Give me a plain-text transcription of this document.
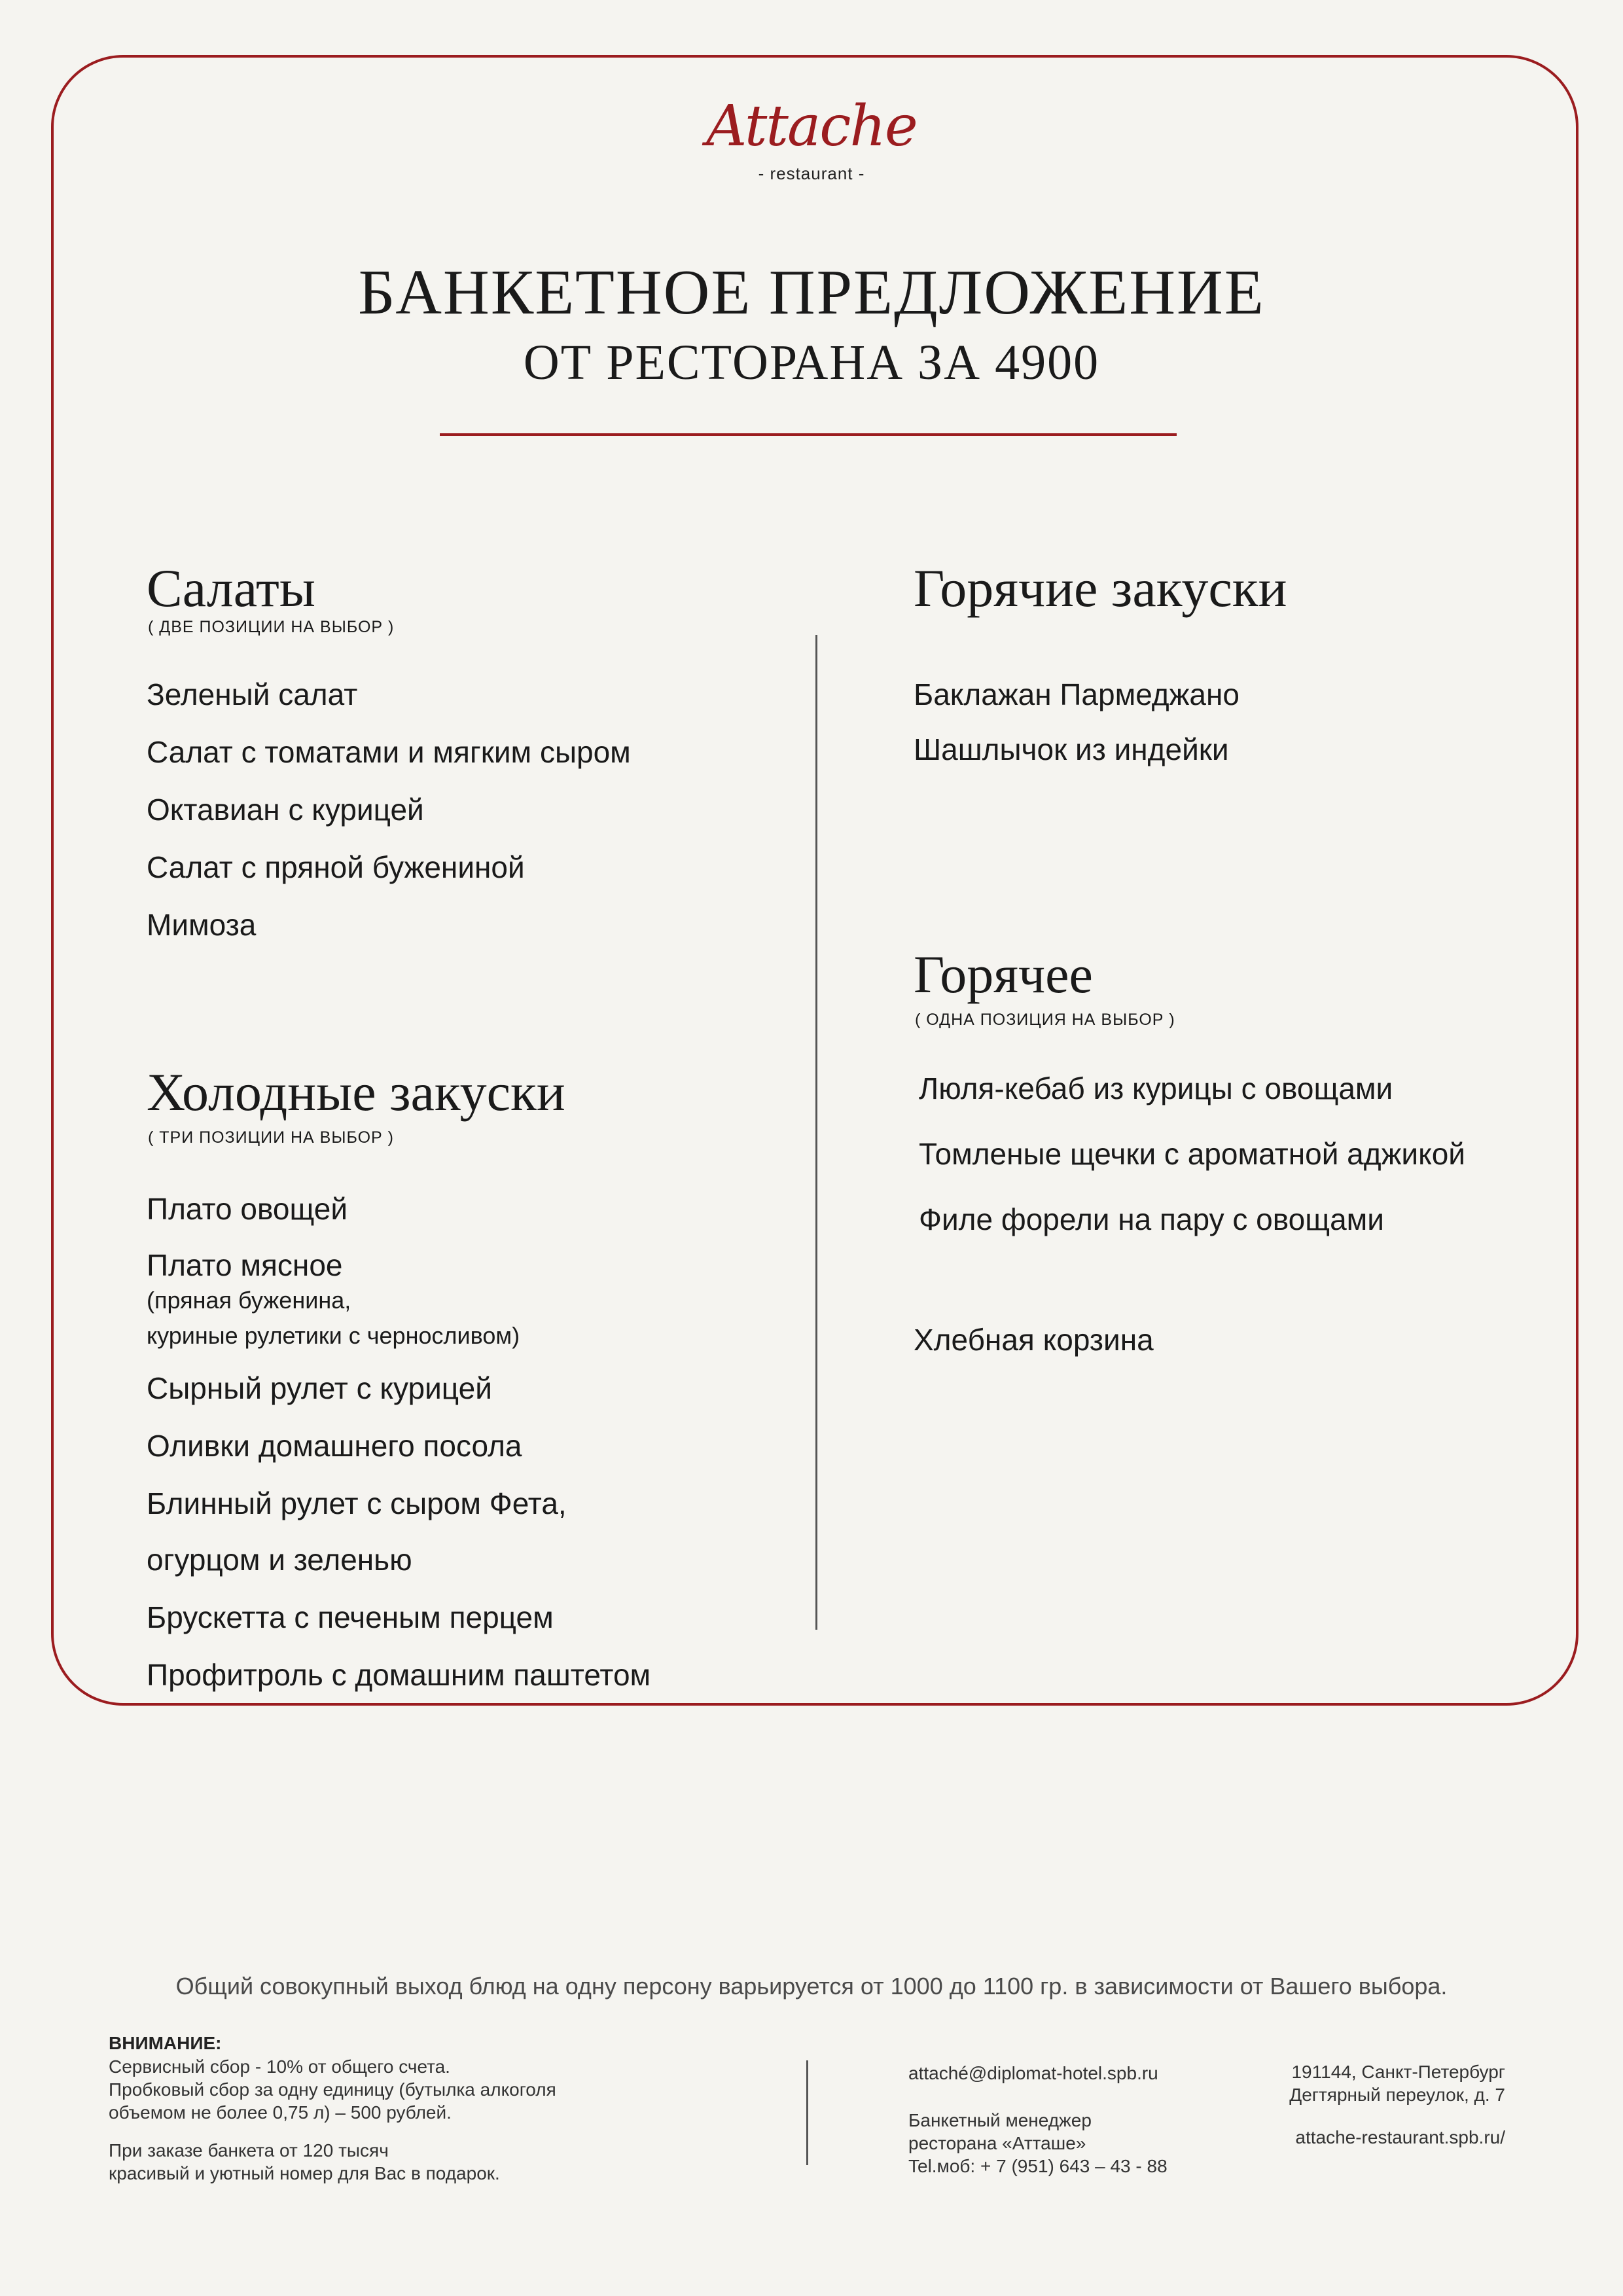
Attache
- restaurant -
БАНКЕТНОЕ ПРЕДЛОЖЕНИЕ
ОТ РЕСТОРАНА ЗА 4900
Салаты
( ДВЕ ПОЗИЦИИ НА ВЫБОР )
Зеленый салат
Салат с томатами и мягким сыром
Октавиан с курицей
Салат с пряной бужениной
Мимоза
Холодные закуски
( ТРИ ПОЗИЦИИ НА ВЫБОР )
Плато овощей
Плато мясное
(пряная буженина,
куриные рулетики с черносливом)
Сырный рулет с курицей
Оливки домашнего посола
Блинный рулет с сыром Фета,
огурцом и зеленью
Брускетта с печеным перцем
Профитроль с домашним паштетом
Горячие закуски
Баклажан Пармеджано
Шашлычок из индейки
Горячее
( ОДНА ПОЗИЦИЯ НА ВЫБОР )
Люля-кебаб из курицы с овощами
Томленые щечки с ароматной аджикой
Филе форели на пару с овощами
Хлебная корзина
Общий совокупный выход блюд на одну персону варьируется от 1000 до 1100 гр. в зависимости от Вашего выбора.
ВНИМАНИЕ:
Сервисный сбор - 10% от общего счета.
Пробковый сбор за одну единицу (бутылка алкоголя
объемом не более 0,75 л) – 500 рублей.
При заказе банкета от 120 тысяч
красивый и уютный номер для Вас в подарок.
attaché@diplomat-hotel.spb.ru
Банкетный менеджер
ресторана «Атташе»
Tel.моб: + 7 (951) 643 – 43 - 88
191144, Санкт-Петербург
Дегтярный переулок, д. 7
attache-restaurant.spb.ru/
